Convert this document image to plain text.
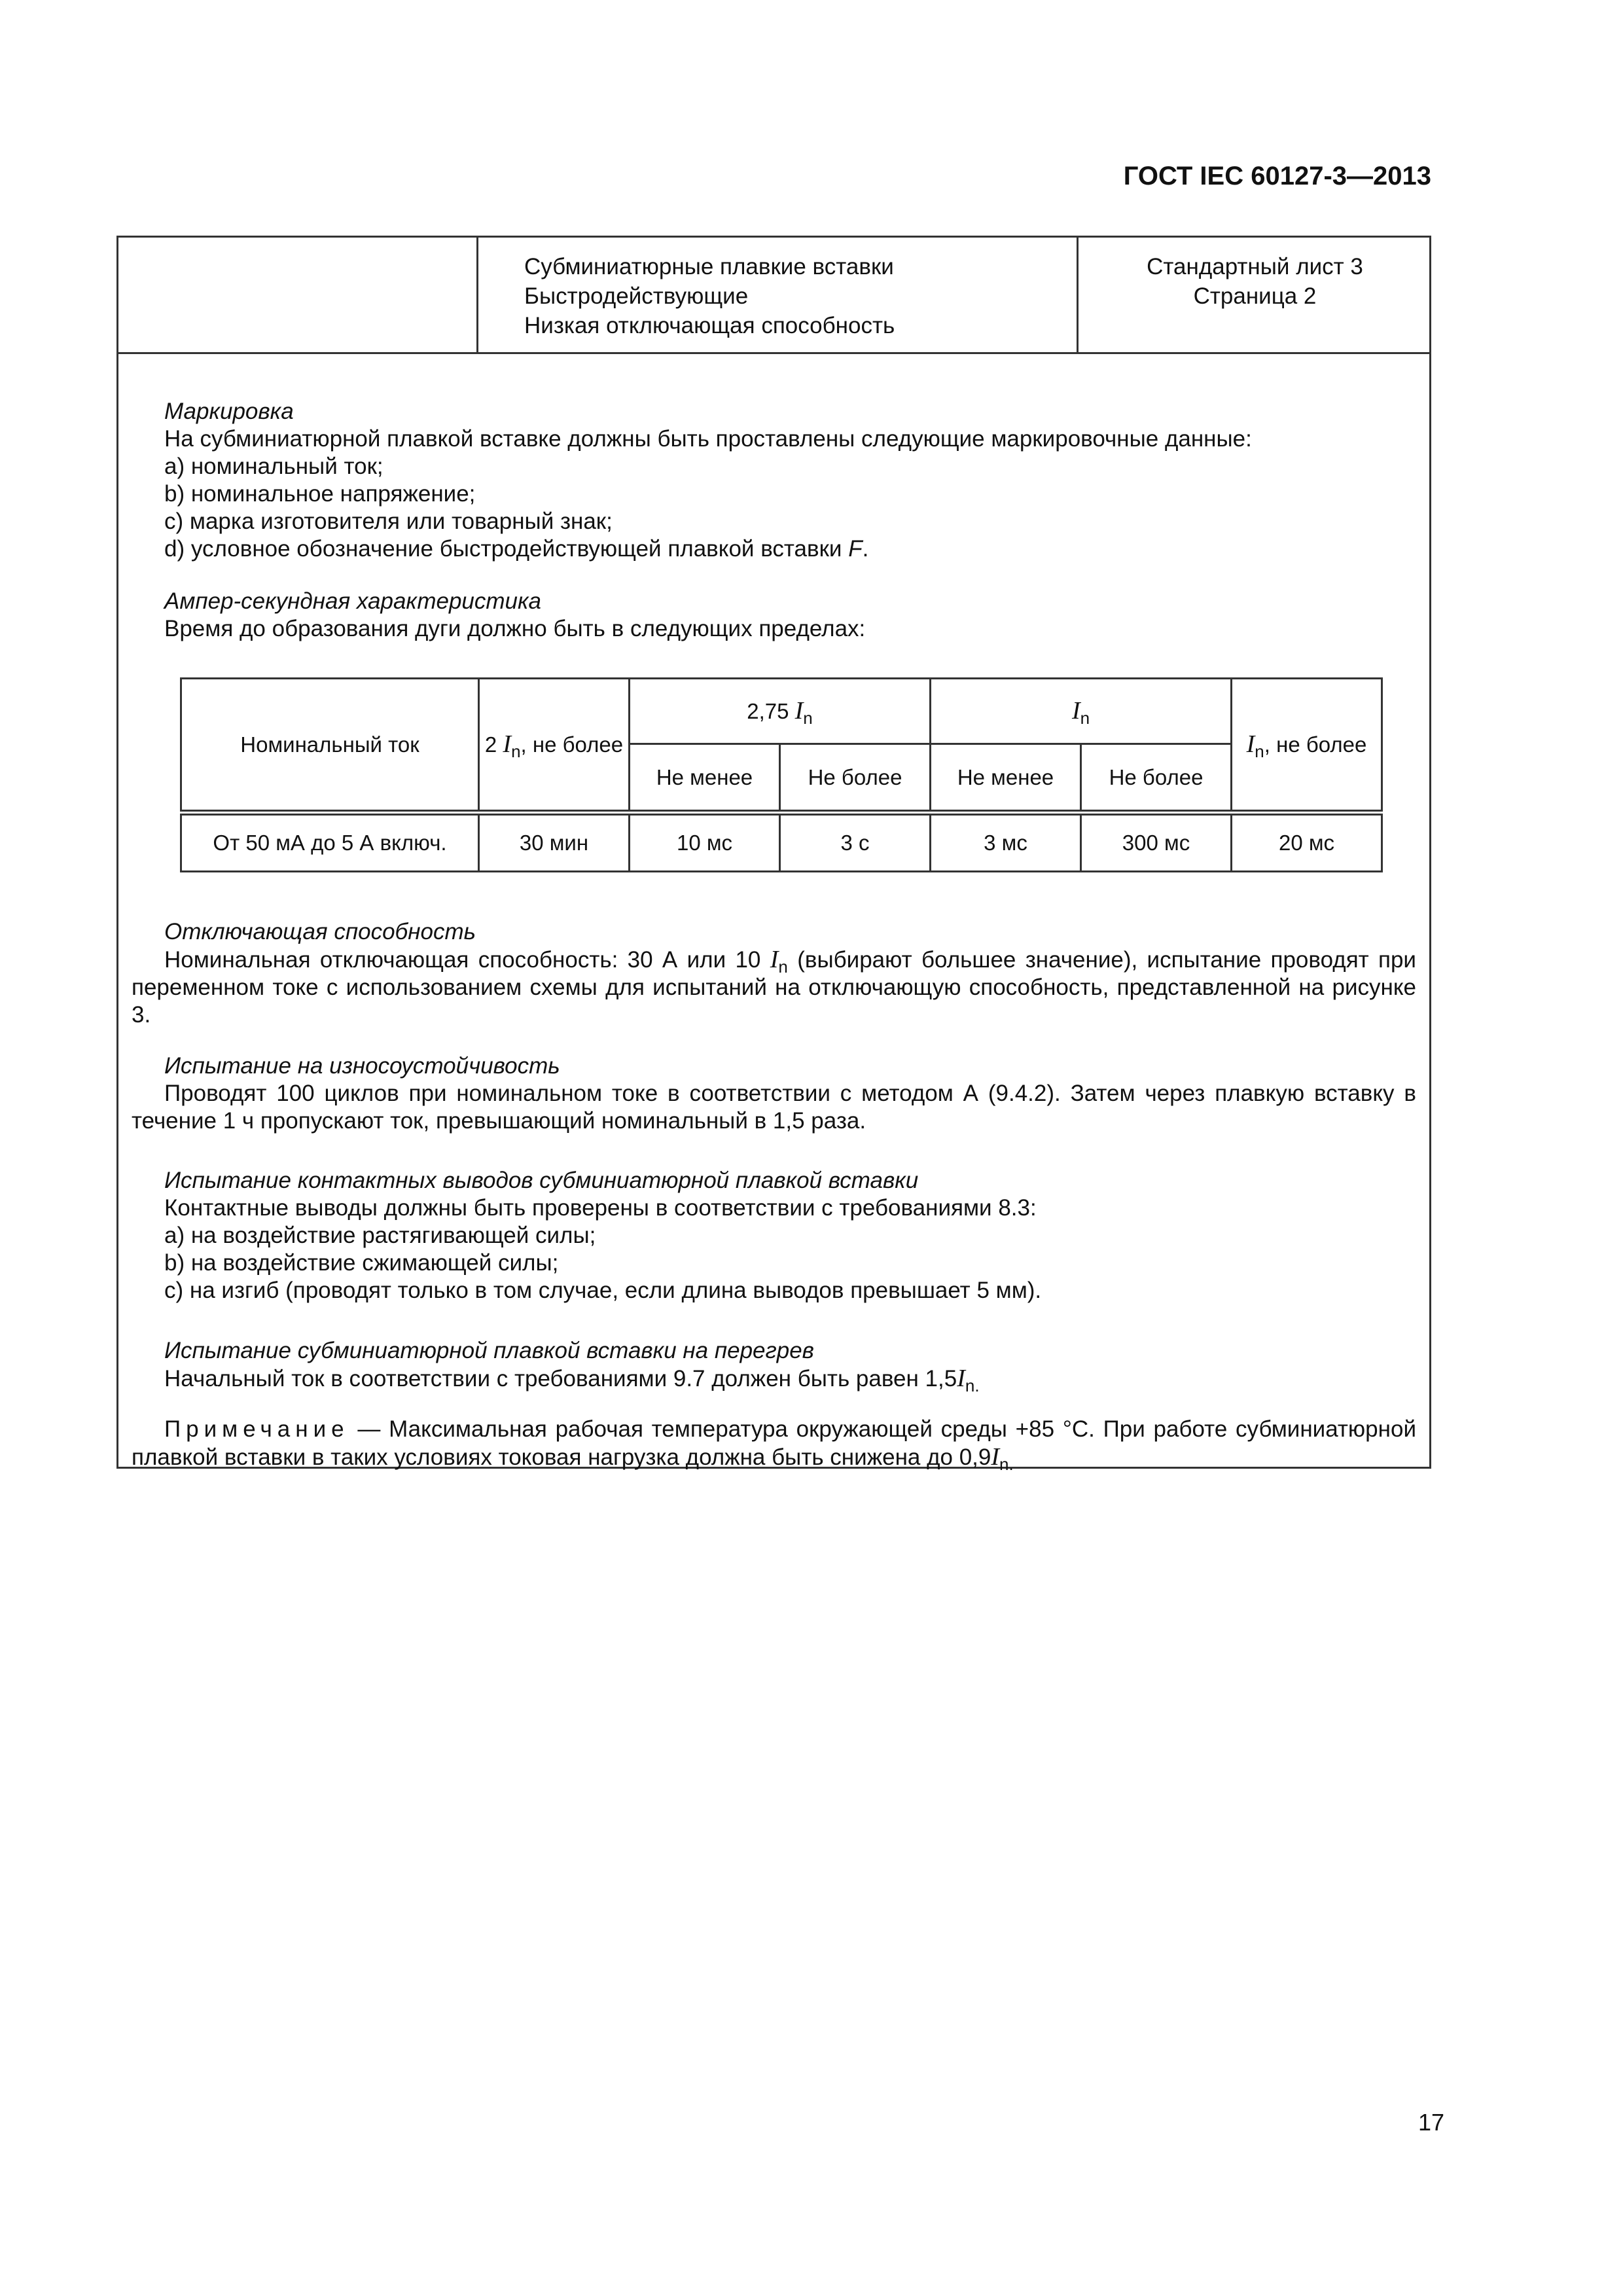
ГОСТ IEC 60127-3—2013
Субминиатюрные плавкие вставки
Быстродействующие
Низкая отключающая способность
Стандартный лист 3
Страница 2
Маркировка
На субминиатюрной плавкой вставке должны быть проставлены следующие маркировочные данные:
a) номинальный ток;
b) номинальное напряжение;
c) марка изготовителя или товарный знак;
d) условное обозначение быстродействующей плавкой вставки F.
Ампер-секундная характеристика
Время до образования дуги должно быть в следующих пределах:
Номинальный ток	2 $I_n$, не более	2,75 $I_n$		$I_n$		$I_n$, не более
		Не менее	Не более	Не менее	Не более	
От 50 мА до 5 А включ.	30 мин	10 мс	3 с	3 мс	300 мс	20 мс
Отключающая способность
Номинальная отключающая способность: 30 А или 10 $I_n$ (выбирают большее значение), испытание проводят при переменном токе с использованием схемы для испытаний на отключающую способность, представленной на рисунке 3.
Испытание на износоустойчивость
Проводят 100 циклов при номинальном токе в соответствии с методом А (9.4.2). Затем через плавкую вставку в течение 1 ч пропускают ток, превышающий номинальный в 1,5 раза.
Испытание контактных выводов субминиатюрной плавкой вставки
Контактные выводы должны быть проверены в соответствии с требованиями 8.3:
a) на воздействие растягивающей силы;
b) на воздействие сжимающей силы;
c) на изгиб (проводят только в том случае, если длина выводов превышает 5 мм).
Испытание субминиатюрной плавкой вставки на перегрев
Начальный ток в соответствии с требованиями 9.7 должен быть равен $1,5I_{n.}$
Примечание — Максимальная рабочая температура окружающей среды +85 °С. При работе субминиатюрной плавкой вставки в таких условиях токовая нагрузка должна быть снижена до $0,9I_{n.}$
17
